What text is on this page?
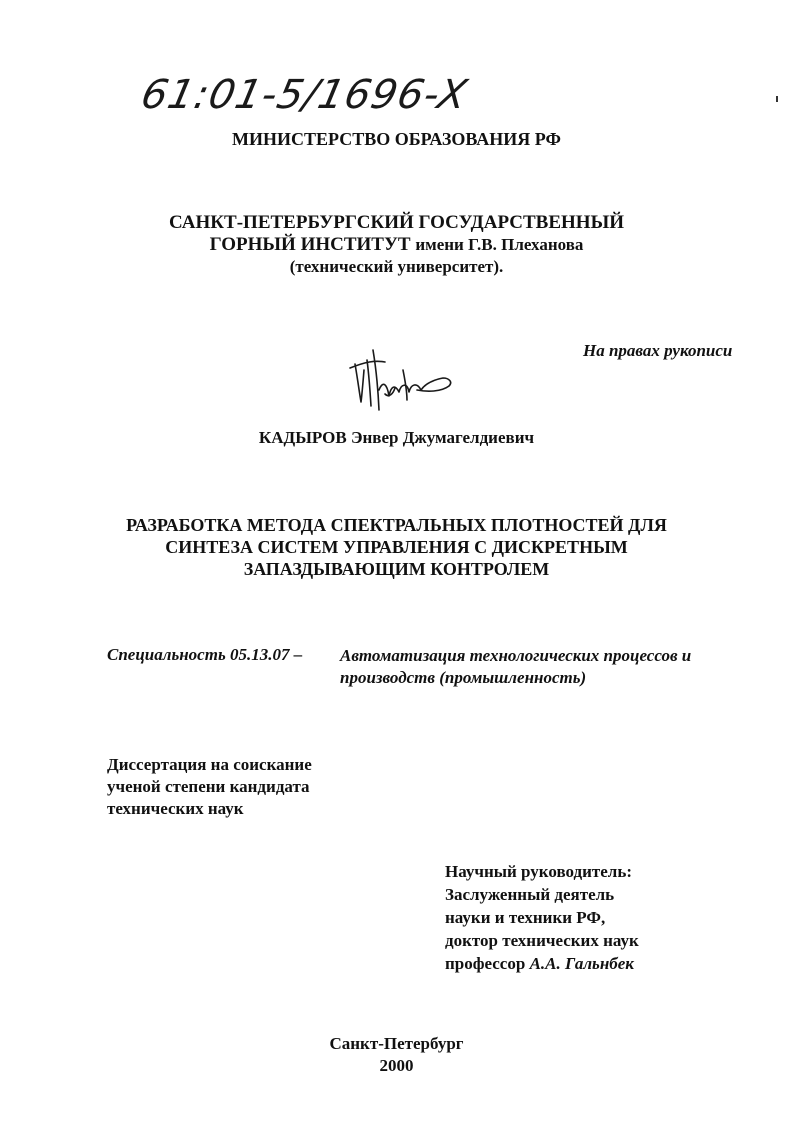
61:01-5/1696-X
МИНИСТЕРСТВО ОБРАЗОВАНИЯ РФ
САНКТ-ПЕТЕРБУРГСКИЙ ГОСУДАРСТВЕННЫЙ
ГОРНЫЙ ИНСТИТУТ имени Г.В. Плеханова
(технический университет).
На правах рукописи
КАДЫРОВ Энвер Джумагелдиевич
РАЗРАБОТКА МЕТОДА СПЕКТРАЛЬНЫХ ПЛОТНОСТЕЙ ДЛЯ
СИНТЕЗА СИСТЕМ УПРАВЛЕНИЯ С ДИСКРЕТНЫМ
ЗАПАЗДЫВАЮЩИМ КОНТРОЛЕМ
Специальность 05.13.07 – Автоматизация технологических процессов и
производств (промышленность)
Диссертация на соискание
ученой степени кандидата
технических наук
Научный руководитель:
Заслуженный деятель
науки и техники РФ,
доктор технических наук
профессор А.А. Гальнбек
Санкт-Петербург
2000
